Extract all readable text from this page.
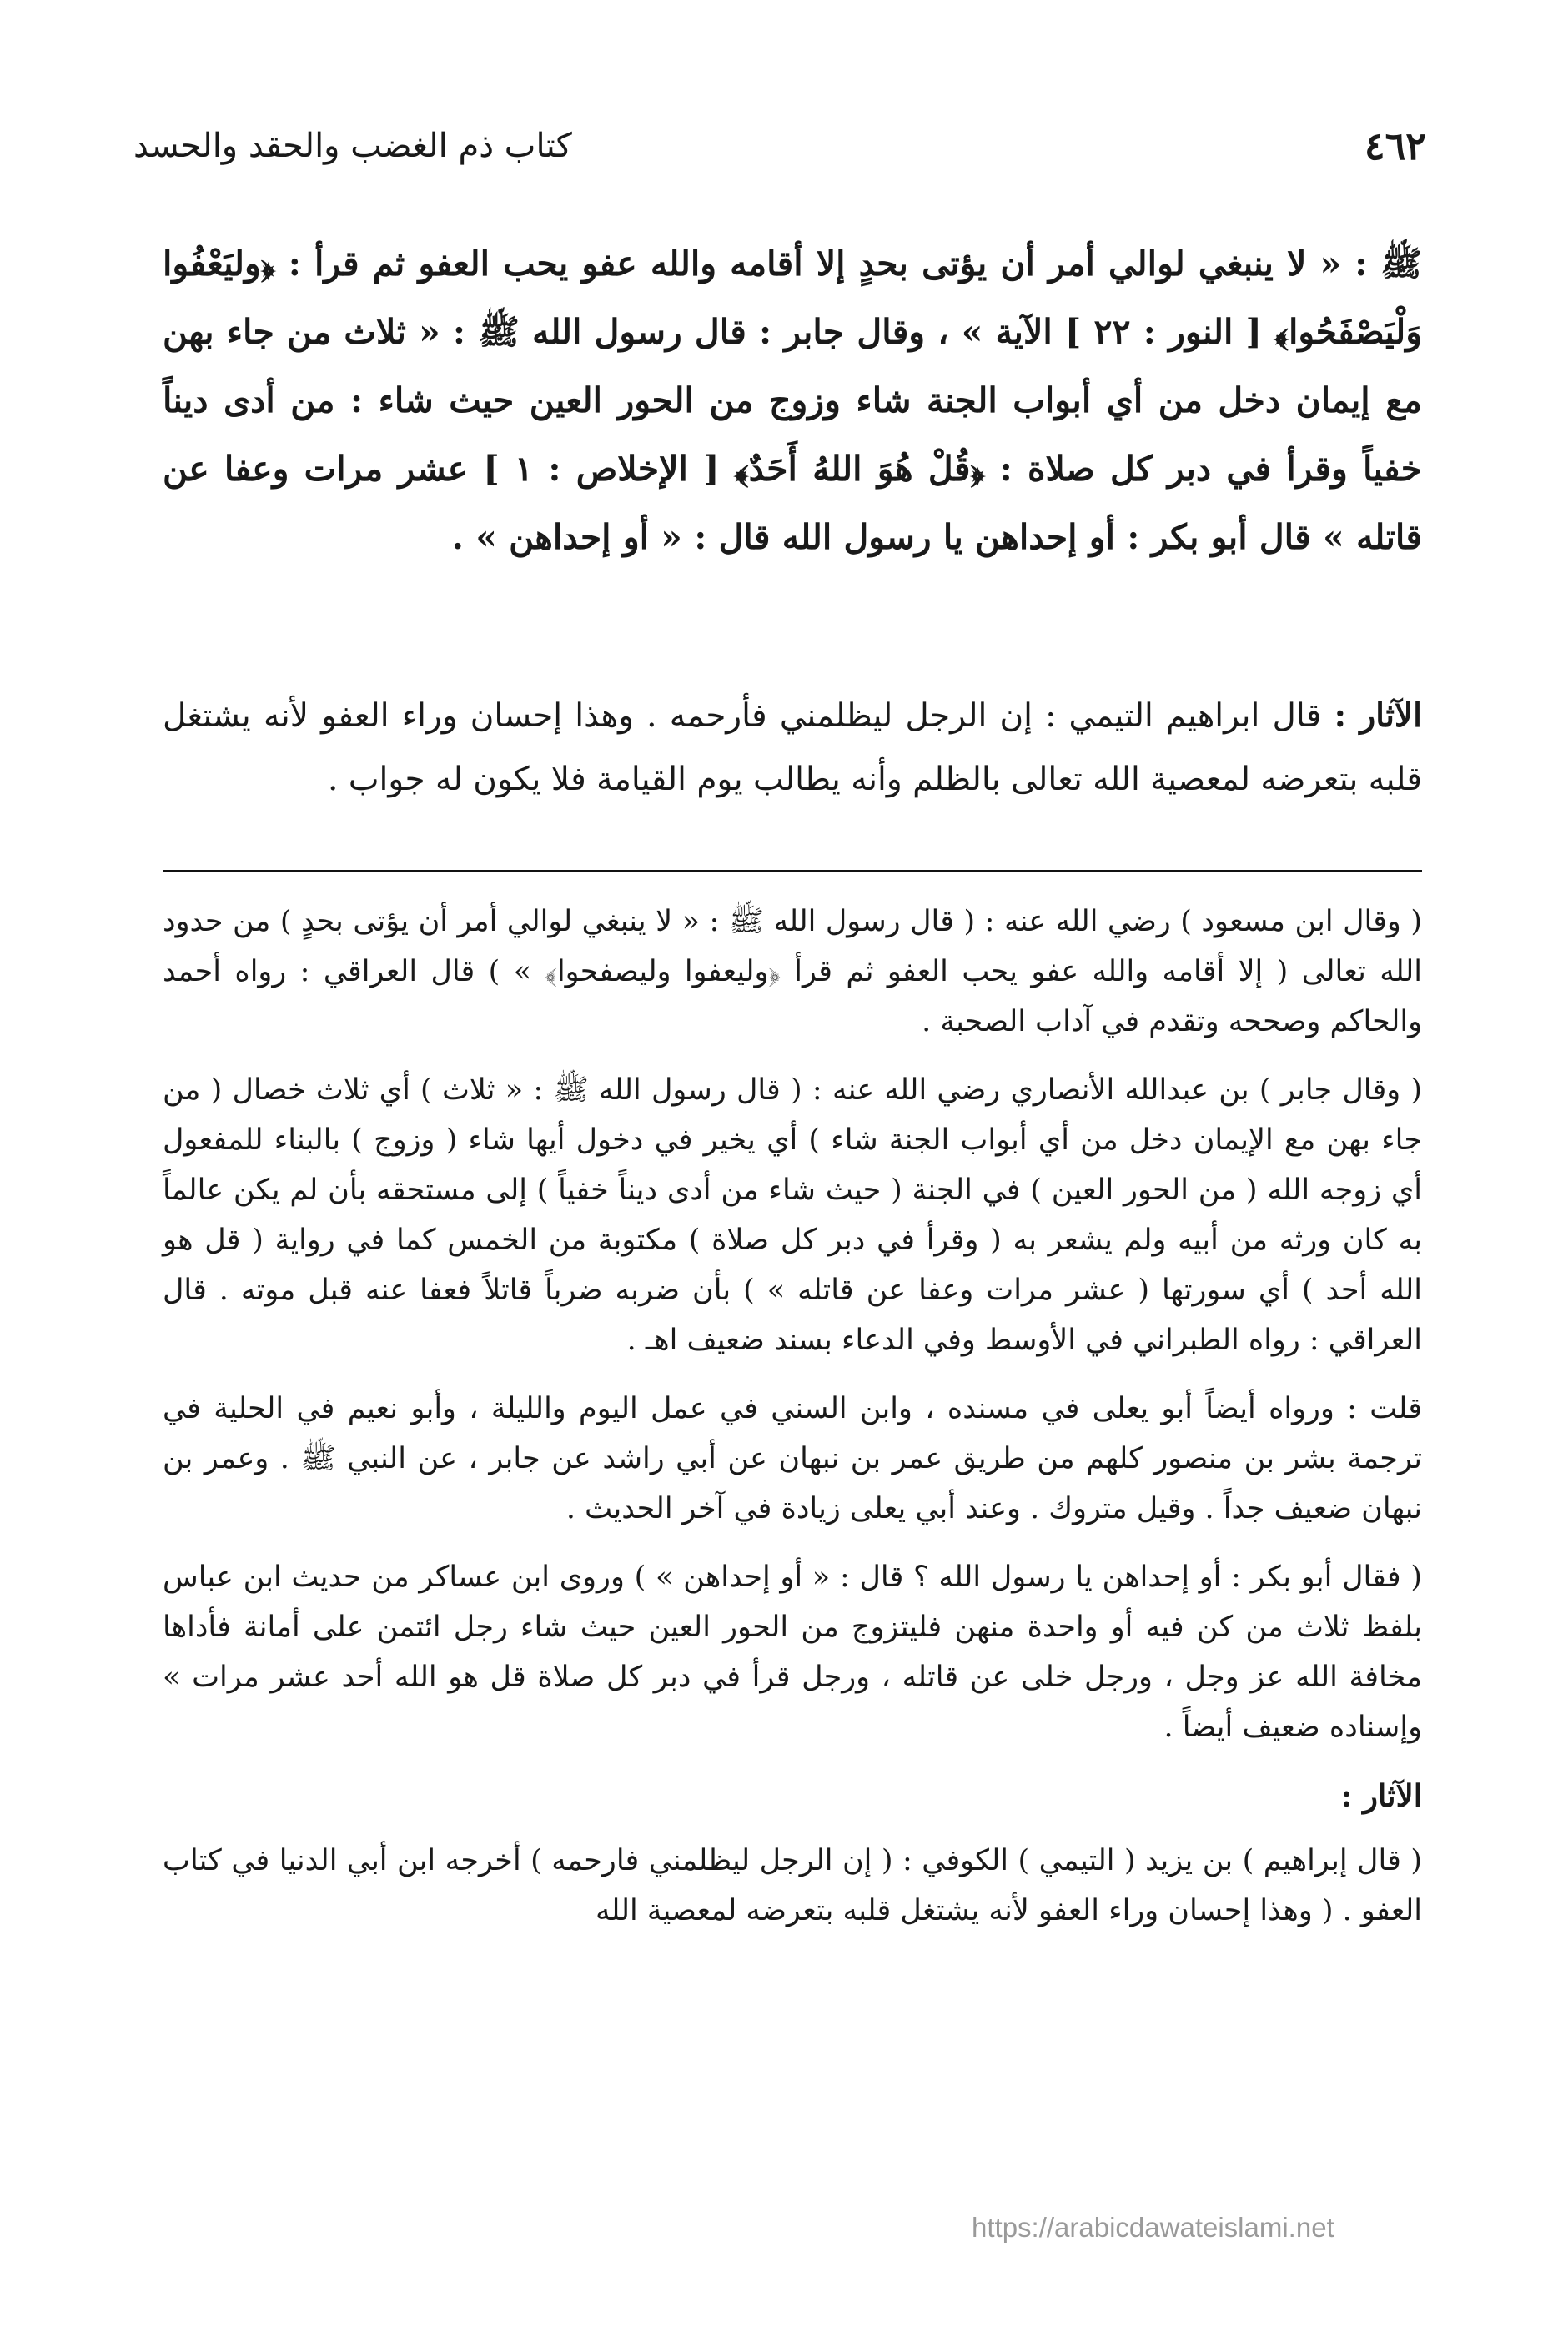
٤٦٢
كتاب ذم الغضب والحقد والحسد
ﷺ : « لا ينبغي لوالي أمر أن يؤتى بحدٍ إلا أقامه والله عفو يحب العفو ثم قرأ : ﴿وليَعْفُوا وَلْيَصْفَحُوا﴾ [ النور : ٢٢ ] الآية » ، وقال جابر : قال رسول الله ﷺ : « ثلاث من جاء بهن مع إيمان دخل من أي أبواب الجنة شاء وزوج من الحور العين حيث شاء : من أدى ديناً خفياً وقرأ في دبر كل صلاة : ﴿قُلْ هُوَ اللهُ أَحَدٌ﴾ [ الإخلاص : ١ ] عشر مرات وعفا عن قاتله » قال أبو بكر : أو إحداهن يا رسول الله قال : « أو إحداهن » .
الآثار : قال ابراهيم التيمي : إن الرجل ليظلمني فأرحمه . وهذا إحسان وراء العفو لأنه يشتغل قلبه بتعرضه لمعصية الله تعالى بالظلم وأنه يطالب يوم القيامة فلا يكون له جواب .

( وقال ابن مسعود ) رضي الله عنه : ( قال رسول الله ﷺ : « لا ينبغي لوالي أمر أن يؤتى بحدٍ ) من حدود الله تعالى ( إلا أقامه والله عفو يحب العفو ثم قرأ ﴿وليعفوا وليصفحوا﴾ » ) قال العراقي : رواه أحمد والحاكم وصححه وتقدم في آداب الصحبة .

( وقال جابر ) بن عبدالله الأنصاري رضي الله عنه : ( قال رسول الله ﷺ : « ثلاث ) أي ثلاث خصال ( من جاء بهن مع الإيمان دخل من أي أبواب الجنة شاء ) أي يخير في دخول أيها شاء ( وزوج ) بالبناء للمفعول أي زوجه الله ( من الحور العين ) في الجنة ( حيث شاء من أدى ديناً خفياً ) إلى مستحقه بأن لم يكن عالماً به كان ورثه من أبيه ولم يشعر به ( وقرأ في دبر كل صلاة ) مكتوبة من الخمس كما في رواية ( قل هو الله أحد ) أي سورتها ( عشر مرات وعفا عن قاتله » ) بأن ضربه ضرباً قاتلاً فعفا عنه قبل موته . قال العراقي : رواه الطبراني في الأوسط وفي الدعاء بسند ضعيف اهـ .

قلت : ورواه أيضاً أبو يعلى في مسنده ، وابن السني في عمل اليوم والليلة ، وأبو نعيم في الحلية في ترجمة بشر بن منصور كلهم من طريق عمر بن نبهان عن أبي راشد عن جابر ، عن النبي ﷺ . وعمر بن نبهان ضعيف جداً . وقيل متروك . وعند أبي يعلى زيادة في آخر الحديث .

( فقال أبو بكر : أو إحداهن يا رسول الله ؟ قال : « أو إحداهن » ) وروى ابن عساكر من حديث ابن عباس بلفظ ثلاث من كن فيه أو واحدة منهن فليتزوج من الحور العين حيث شاء رجل ائتمن على أمانة فأداها مخافة الله عز وجل ، ورجل خلى عن قاتله ، ورجل قرأ في دبر كل صلاة قل هو الله أحد عشر مرات » وإسناده ضعيف أيضاً .

الآثار :

( قال إبراهيم ) بن يزيد ( التيمي ) الكوفي : ( إن الرجل ليظلمني فارحمه ) أخرجه ابن أبي الدنيا في كتاب العفو . ( وهذا إحسان وراء العفو لأنه يشتغل قلبه بتعرضه لمعصية الله

https://arabicdawateislami.net
